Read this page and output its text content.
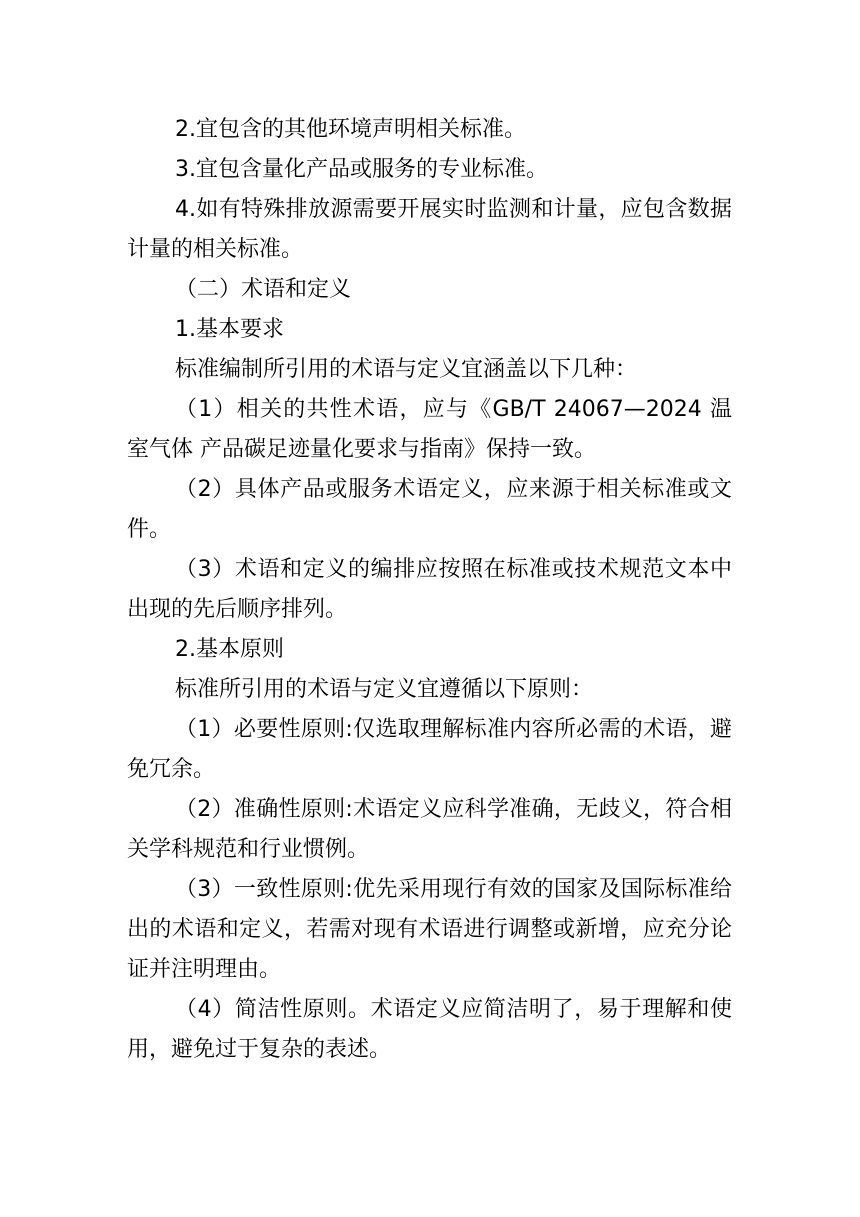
2.宜包含的其他环境声明相关标准。

3.宜包含量化产品或服务的专业标准。

4.如有特殊排放源需要开展实时监测和计量，应包含数据计量的相关标准。

（二）术语和定义

1.基本要求

标准编制所引用的术语与定义宜涵盖以下几种：

（1）相关的共性术语，应与《GB/T 24067—2024 温室气体 产品碳足迹量化要求与指南》保持一致。

（2）具体产品或服务术语定义，应来源于相关标准或文件。

（3）术语和定义的编排应按照在标准或技术规范文本中出现的先后顺序排列。

2.基本原则

标准所引用的术语与定义宜遵循以下原则：

（1）必要性原则:仅选取理解标准内容所必需的术语，避免冗余。

（2）准确性原则:术语定义应科学准确，无歧义，符合相关学科规范和行业惯例。

（3）一致性原则:优先采用现行有效的国家及国际标准给出的术语和定义，若需对现有术语进行调整或新增，应充分论证并注明理由。

（4）简洁性原则。术语定义应简洁明了，易于理解和使用，避免过于复杂的表述。
